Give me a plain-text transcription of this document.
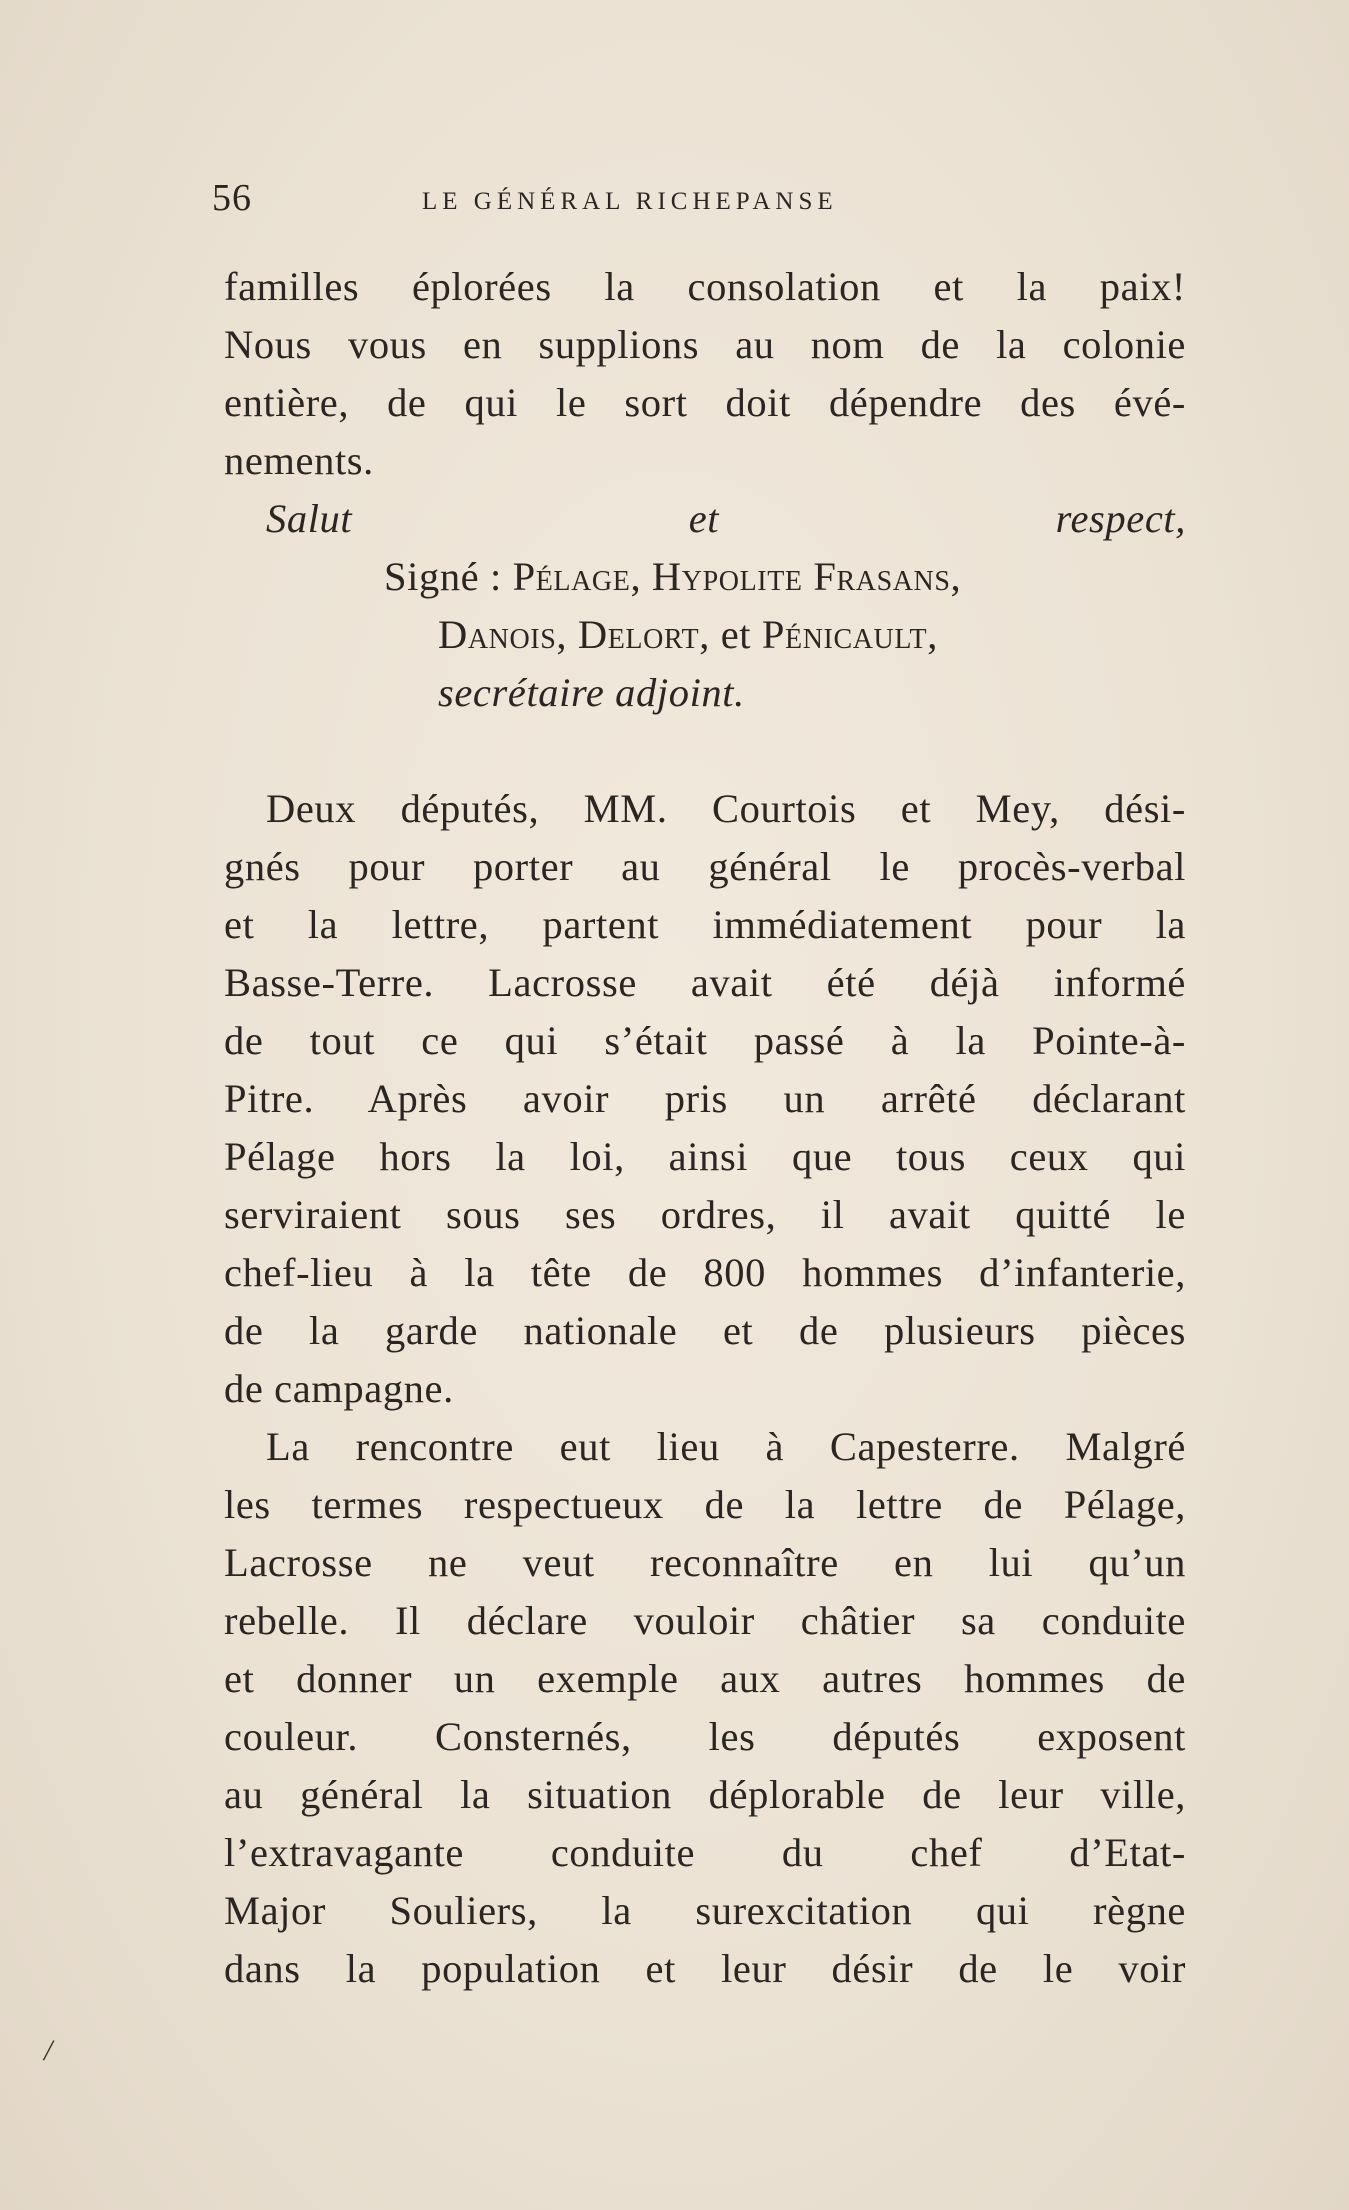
56	LE GÉNÉRAL RICHEPANSE

familles éplorées la consolation et la paix!

Nous vous en supplions au nom de la colonie

entière, de qui le sort doit dépendre des évé-

nements.

Salut et respect,

Signé : Pélage, Hypolite Frasans,
Danois, Delort, et Pénicault,
secrétaire adjoint.

Deux députés, MM. Courtois et Mey, dési-

gnés pour porter au général le procès-verbal

et la lettre, partent immédiatement pour la

Basse-Terre. Lacrosse avait été déjà informé

de tout ce qui s’était passé à la Pointe-à-

Pitre. Après avoir pris un arrêté déclarant

Pélage hors la loi, ainsi que tous ceux qui

serviraient sous ses ordres, il avait quitté le

chef-lieu à la tête de 800 hommes d’infanterie,

de la garde nationale et de plusieurs pièces

de campagne.

La rencontre eut lieu à Capesterre. Malgré

les termes respectueux de la lettre de Pélage,

Lacrosse ne veut reconnaître en lui qu’un

rebelle. Il déclare vouloir châtier sa conduite

et donner un exemple aux autres hommes de

couleur. Consternés, les députés exposent

au général la situation déplorable de leur ville,

l’extravagante conduite du chef d’Etat-

Major Souliers, la surexcitation qui règne

dans la population et leur désir de le voir

/
